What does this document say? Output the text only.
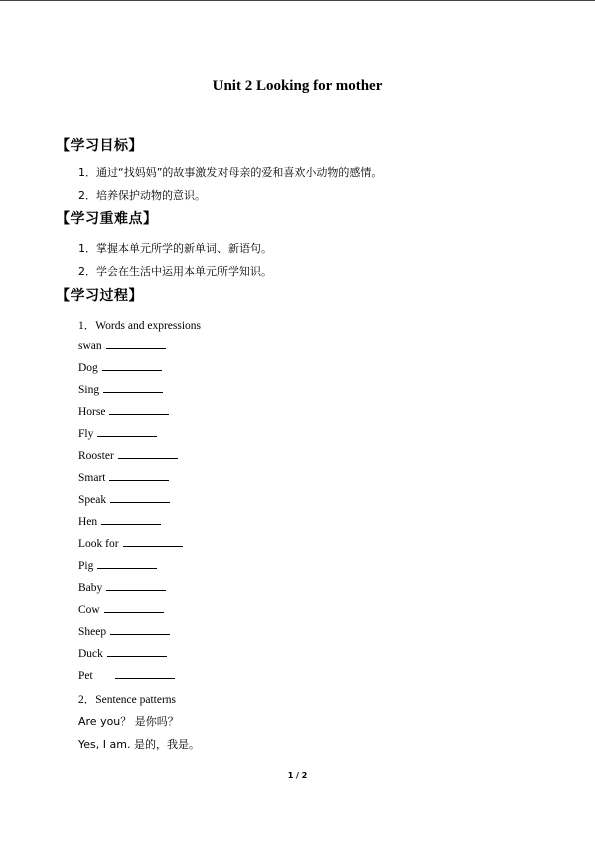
Unit 2 Looking for mother
【学习目标】
1．通过“找妈妈”的故事激发对母亲的爱和喜欢小动物的感情。
2．培养保护动物的意识。
【学习重难点】
1．掌握本单元所学的新单词、新语句。
2．学会在生活中运用本单元所学知识。
【学习过程】
1．Words and expressions
swan
Dog
Sing
Horse
Fly
Rooster
Smart
Speak
Hen
Look for
Pig
Baby
Cow
Sheep
Duck
Pet
2．Sentence patterns
Are you？ 是你吗？
Yes, I am. 是的，我是。
1 / 2
